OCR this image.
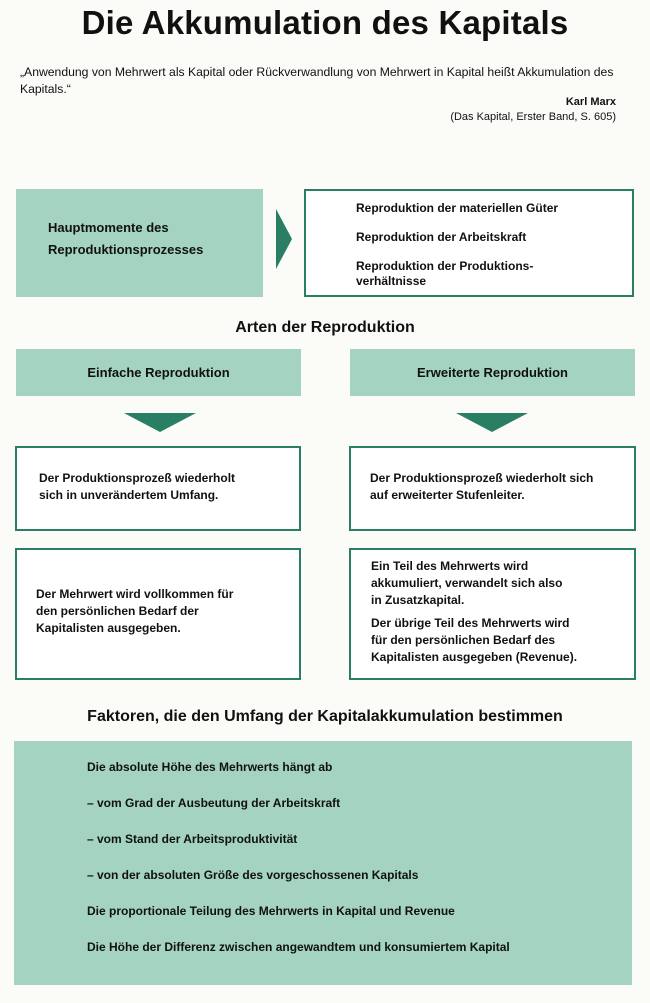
Die Akkumulation des Kapitals
„Anwendung von Mehrwert als Kapital oder Rückverwandlung von Mehrwert in Kapital heißt Akkumulation des Kapitals.“
Karl Marx
(Das Kapital, Erster Band, S. 605)
Hauptmomente des
Reproduktionsprozesses
Reproduktion der materiellen Güter
Reproduktion der Arbeitskraft
Reproduktion der Produktions-
verhältnisse
Arten der Reproduktion
Einfache Reproduktion	Erweiterte Reproduktion
Der Produktionsprozeß wiederholt
sich in unverändertem Umfang.
Der Produktionsprozeß wiederholt sich
auf erweiterter Stufenleiter.
Der Mehrwert wird vollkommen für
den persönlichen Bedarf der
Kapitalisten ausgegeben.
Ein Teil des Mehrwerts wird
akkumuliert, verwandelt sich also
in Zusatzkapital.
Der übrige Teil des Mehrwerts wird
für den persönlichen Bedarf des
Kapitalisten ausgegeben (Revenue).
Faktoren, die den Umfang der Kapitalakkumulation bestimmen
Die absolute Höhe des Mehrwerts hängt ab
– vom Grad der Ausbeutung der Arbeitskraft
– vom Stand der Arbeitsproduktivität
– von der absoluten Größe des vorgeschossenen Kapitals
Die proportionale Teilung des Mehrwerts in Kapital und Revenue
Die Höhe der Differenz zwischen angewandtem und konsumiertem Kapital
